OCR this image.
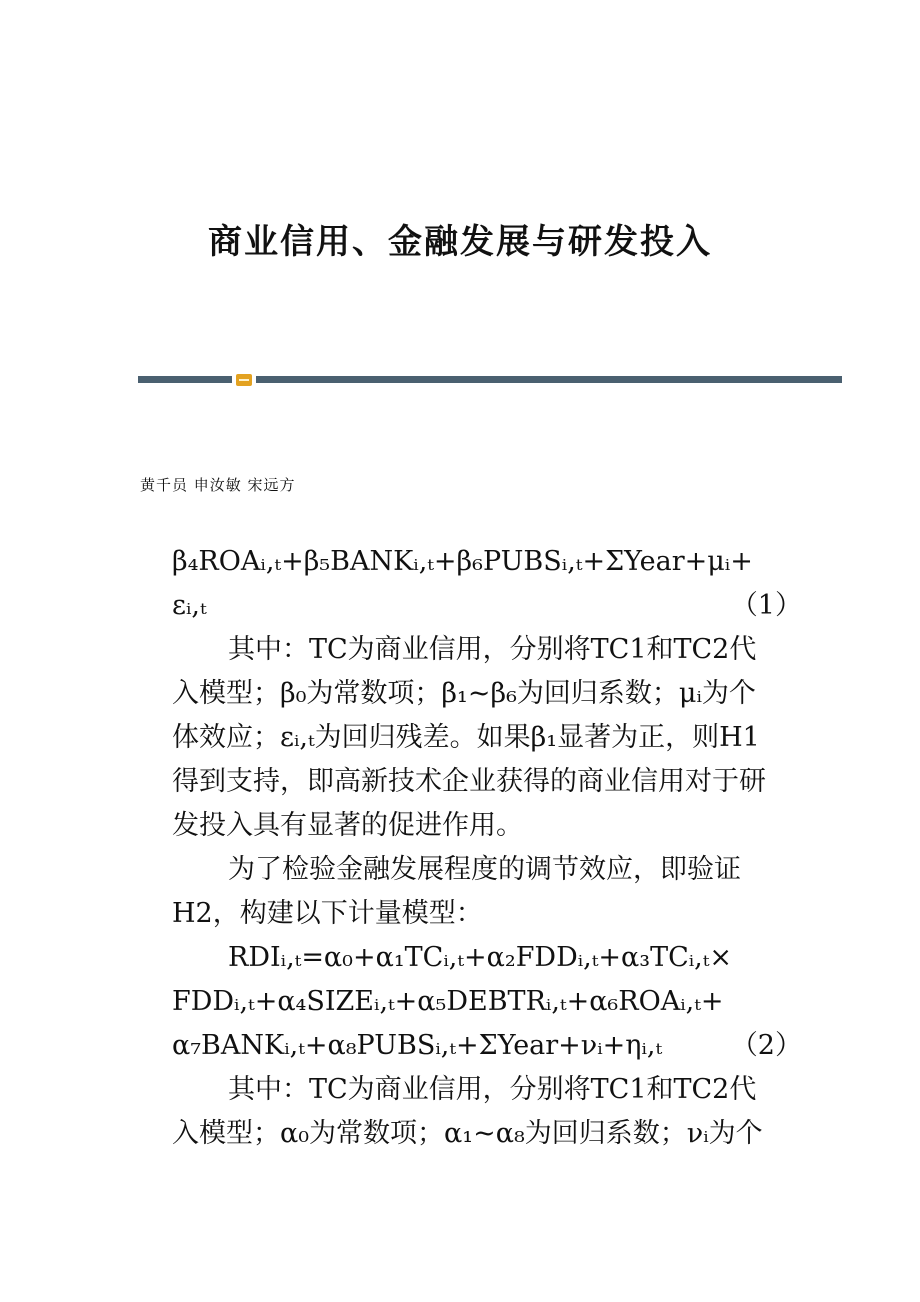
商业信用、金融发展与研发投入
黄千员 申汝敏 宋远方
β₄ROAᵢ,ₜ+β₅BANKᵢ,ₜ+β₆PUBSᵢ,ₜ+ΣYear+μᵢ+
εᵢ,ₜ	（1）
其中：TC为商业信用，分别将TC1和TC2代
入模型；β₀为常数项；β₁~β₆为回归系数；μᵢ为个
体效应；εᵢ,ₜ为回归残差。如果β₁显著为正，则H1
得到支持，即高新技术企业获得的商业信用对于研
发投入具有显著的促进作用。
为了检验金融发展程度的调节效应，即验证
H2，构建以下计量模型：
RDIᵢ,ₜ=α₀+α₁TCᵢ,ₜ+α₂FDDᵢ,ₜ+α₃TCᵢ,ₜ×
FDDᵢ,ₜ+α₄SIZEᵢ,ₜ+α₅DEBTRᵢ,ₜ+α₆ROAᵢ,ₜ+
α₇BANKᵢ,ₜ+α₈PUBSᵢ,ₜ+ΣYear+νᵢ+ηᵢ,ₜ	（2）
其中：TC为商业信用，分别将TC1和TC2代
入模型；α₀为常数项；α₁~α₈为回归系数；νᵢ为个
